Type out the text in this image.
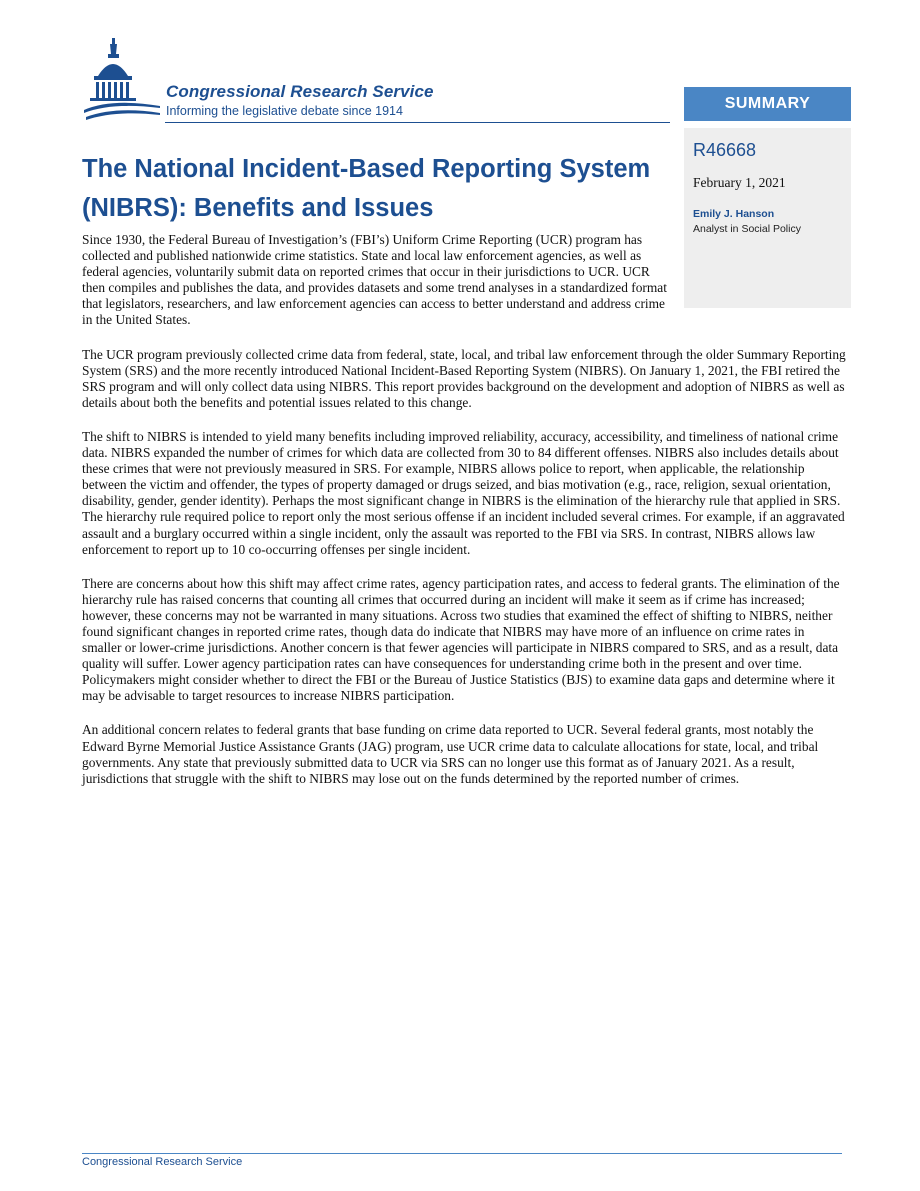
Congressional Research Service
Informing the legislative debate since 1914	SUMMARY
R46668
February 1, 2021
Emily J. Hanson
Analyst in Social Policy
The National Incident-Based Reporting System
(NIBRS): Benefits and Issues

Since 1930, the Federal Bureau of Investigation’s (FBI’s) Uniform Crime Reporting (UCR) program has collected and published nationwide crime statistics. State and local law enforcement agencies, as well as federal agencies, voluntarily submit data on reported crimes that occur in their jurisdictions to UCR. UCR then compiles and publishes the data, and provides datasets and some trend analyses in a standardized format that legislators, researchers, and law enforcement agencies can access to better understand and address crime in the United States.

The UCR program previously collected crime data from federal, state, local, and tribal law enforcement through the older Summary Reporting System (SRS) and the more recently introduced National Incident-Based Reporting System (NIBRS). On January 1, 2021, the FBI retired the SRS program and will only collect data using NIBRS. This report provides background on the development and adoption of NIBRS as well as details about both the benefits and potential issues related to this change.

The shift to NIBRS is intended to yield many benefits including improved reliability, accuracy, accessibility, and timeliness of national crime data. NIBRS expanded the number of crimes for which data are collected from 30 to 84 different offenses. NIBRS also includes details about these crimes that were not previously measured in SRS. For example, NIBRS allows police to report, when applicable, the relationship between the victim and offender, the types of property damaged or drugs seized, and bias motivation (e.g., race, religion, sexual orientation, disability, gender, gender identity). Perhaps the most significant change in NIBRS is the elimination of the hierarchy rule that applied in SRS. The hierarchy rule required police to report only the most serious offense if an incident included several crimes. For example, if an aggravated assault and a burglary occurred within a single incident, only the assault was reported to the FBI via SRS. In contrast, NIBRS allows law enforcement to report up to 10 co-occurring offenses per single incident.

There are concerns about how this shift may affect crime rates, agency participation rates, and access to federal grants. The elimination of the hierarchy rule has raised concerns that counting all crimes that occurred during an incident will make it seem as if crime has increased; however, these concerns may not be warranted in many situations. Across two studies that examined the effect of shifting to NIBRS, neither found significant changes in reported crime rates, though data do indicate that NIBRS may have more of an influence on crime rates in smaller or lower-crime jurisdictions. Another concern is that fewer agencies will participate in NIBRS compared to SRS, and as a result, data quality will suffer. Lower agency participation rates can have consequences for understanding crime both in the present and over time. Policymakers might consider whether to direct the FBI or the Bureau of Justice Statistics (BJS) to examine data gaps and determine where it may be advisable to target resources to increase NIBRS participation.

An additional concern relates to federal grants that base funding on crime data reported to UCR. Several federal grants, most notably the Edward Byrne Memorial Justice Assistance Grants (JAG) program, use UCR crime data to calculate allocations for state, local, and tribal governments. Any state that previously submitted data to UCR via SRS can no longer use this format as of January 2021. As a result, jurisdictions that struggle with the shift to NIBRS may lose out on the funds determined by the reported number of crimes.

Congressional Research Service
